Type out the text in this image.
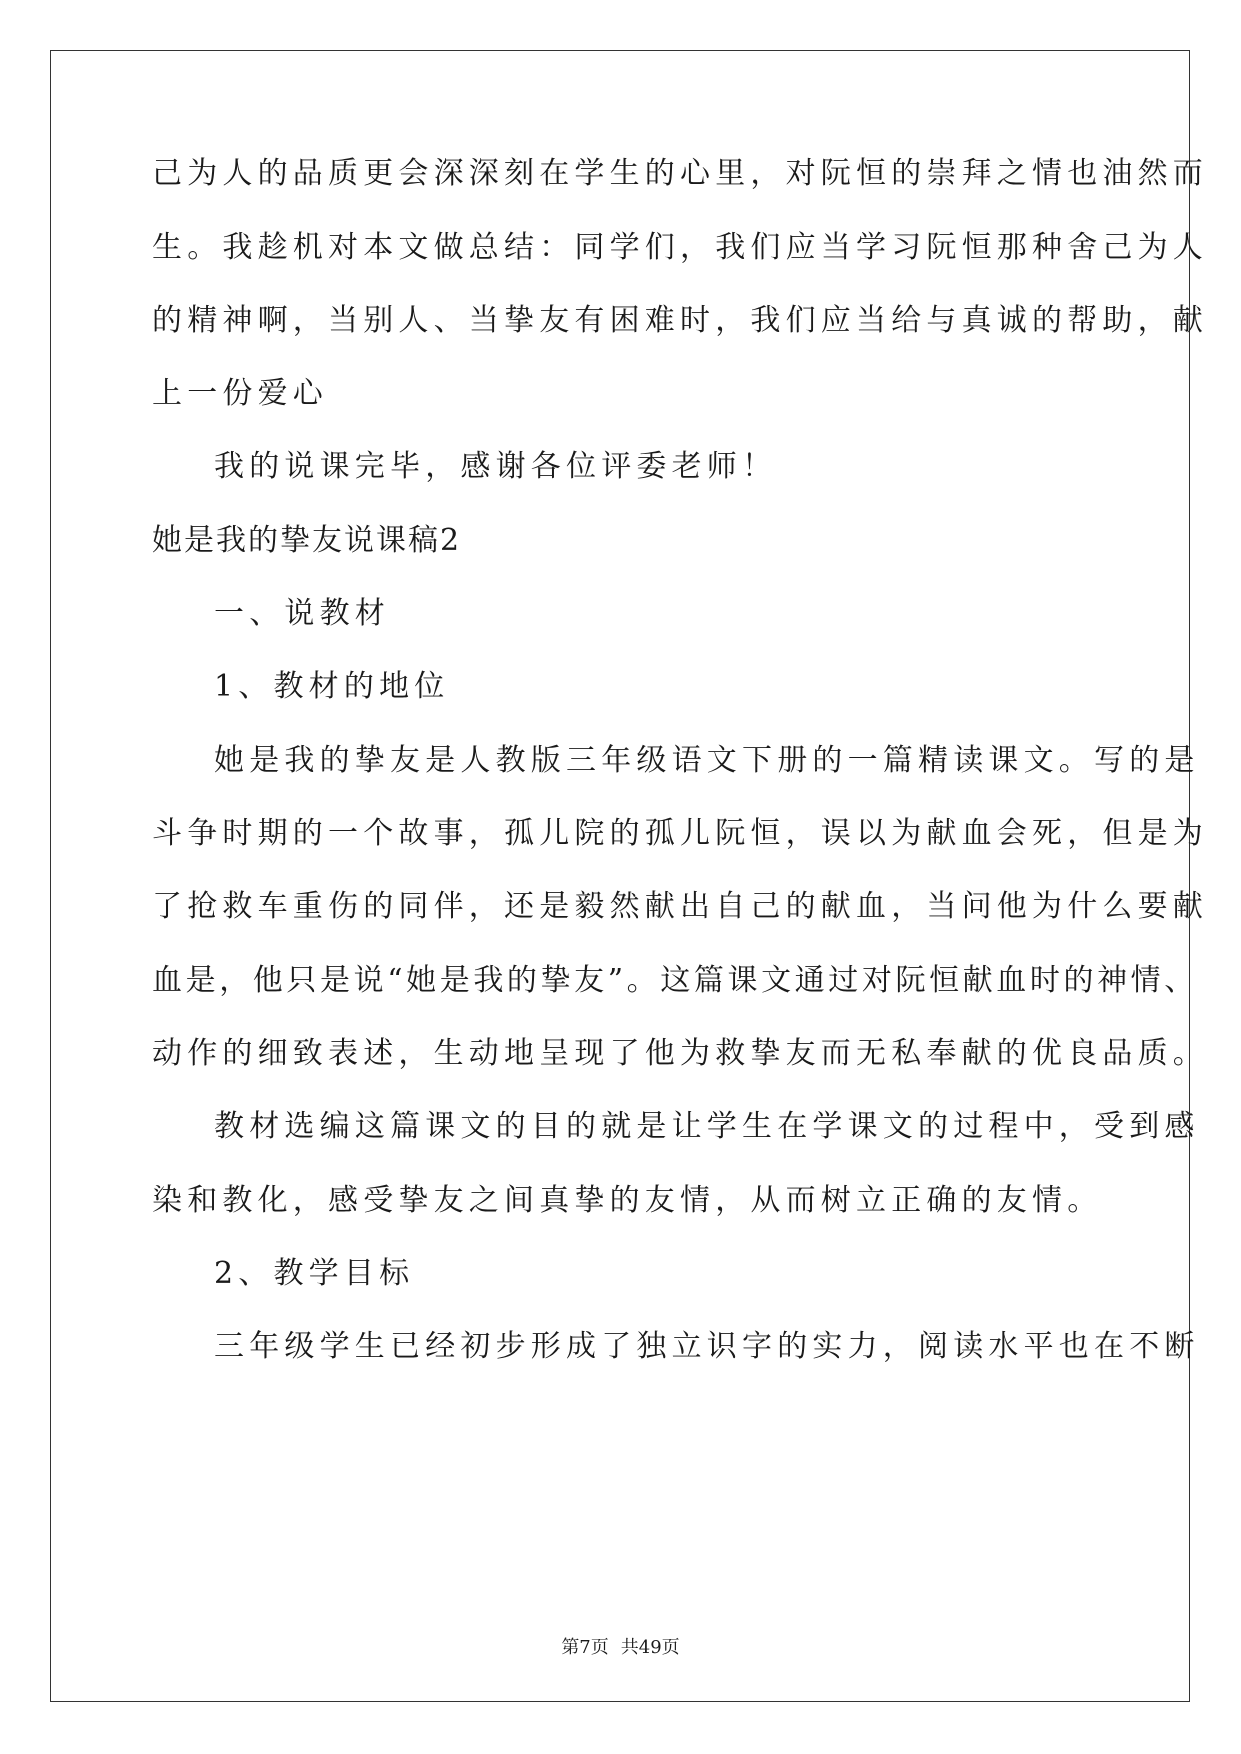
己为人的品质更会深深刻在学生的心里，对阮恒的崇拜之情也油然而
生。我趁机对本文做总结：同学们，我们应当学习阮恒那种舍己为人
的精神啊，当别人、当挚友有困难时，我们应当给与真诚的帮助，献
上一份爱心
我的说课完毕，感谢各位评委老师！
她是我的挚友说课稿2
一、说教材
1、教材的地位
她是我的挚友是人教版三年级语文下册的一篇精读课文。写的是
斗争时期的一个故事，孤儿院的孤儿阮恒，误以为献血会死，但是为
了抢救车重伤的同伴，还是毅然献出自己的献血，当问他为什么要献
血是，他只是说“她是我的挚友”。这篇课文通过对阮恒献血时的神情、
动作的细致表述，生动地呈现了他为救挚友而无私奉献的优良品质。
教材选编这篇课文的目的就是让学生在学课文的过程中，受到感
染和教化，感受挚友之间真挚的友情，从而树立正确的友情。
2、教学目标
三年级学生已经初步形成了独立识字的实力，阅读水平也在不断
第7页 共49页
